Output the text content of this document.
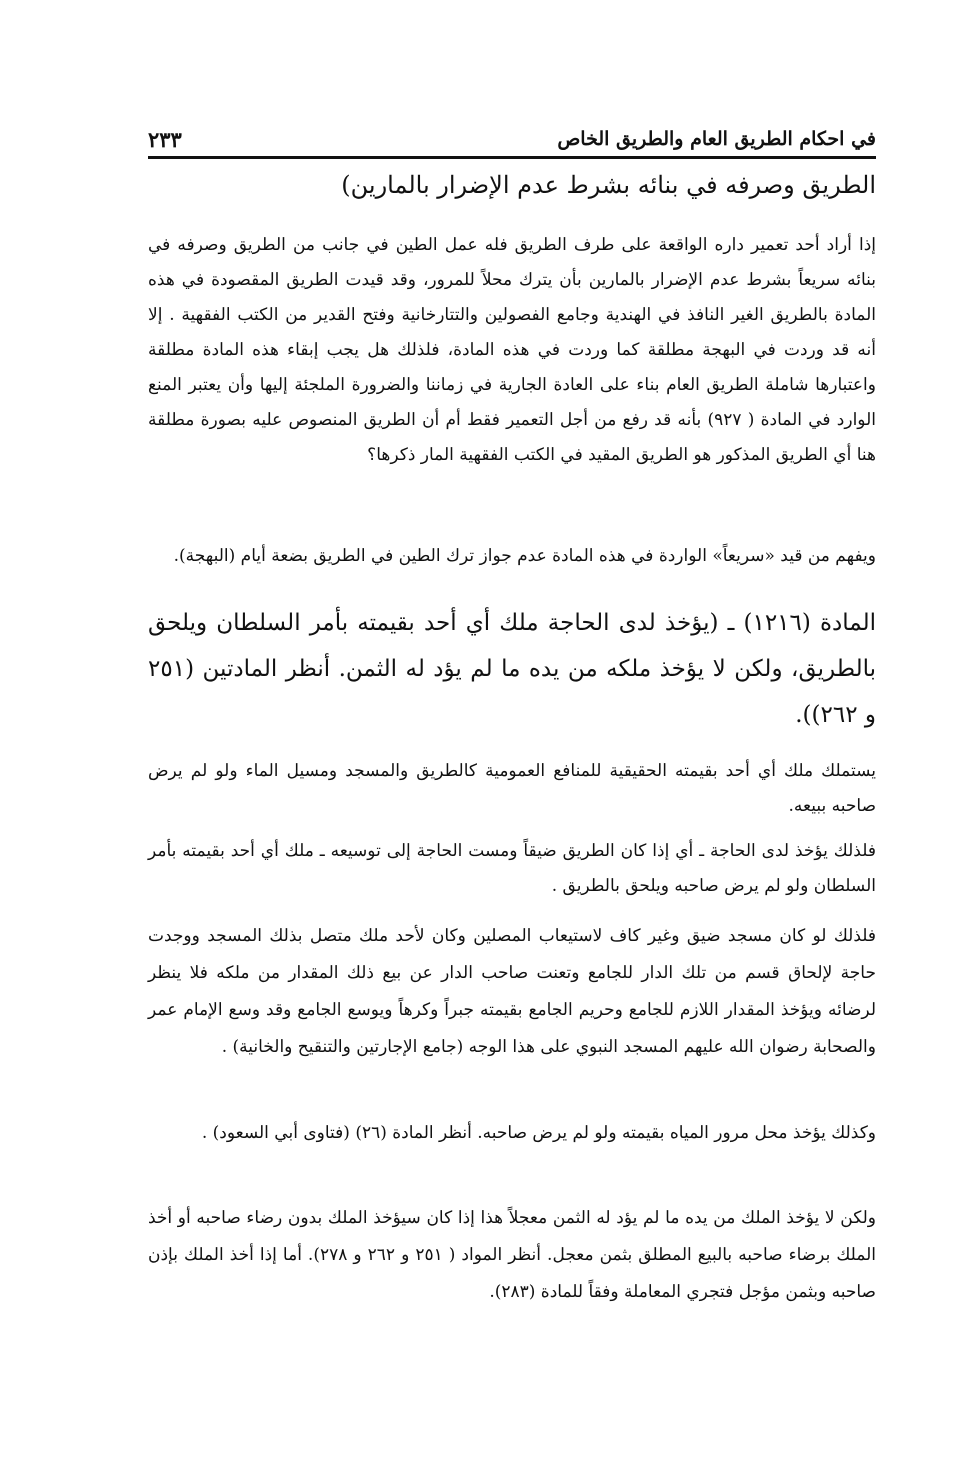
في احكام الطريق العام والطريق الخاص
٢٣٣
الطريق وصرفه في بنائه بشرط عدم الإضرار بالمارين)
إذا أراد أحد تعمير داره الواقعة على طرف الطريق فله عمل الطين في جانب من الطريق وصرفه في بنائه سريعاً بشرط عدم الإضرار بالمارين بأن يترك محلاً للمرور، وقد قيدت الطريق المقصودة في هذه المادة بالطريق الغير النافذ في الهندية وجامع الفصولين والتتارخانية وفتح القدير من الكتب الفقهية . إلا أنه قد وردت في البهجة مطلقة كما وردت في هذه المادة، فلذلك هل يجب إبقاء هذه المادة مطلقة واعتبارها شاملة الطريق العام بناء على العادة الجارية في زماننا والضرورة الملجئة إليها وأن يعتبر المنع الوارد في المادة ( ٩٢٧) بأنه قد رفع من أجل التعمير فقط أم أن الطريق المنصوص عليه بصورة مطلقة هنا أي الطريق المذكور هو الطريق المقيد في الكتب الفقهية المار ذكرها؟
ويفهم من قيد «سريعاً» الواردة في هذه المادة عدم جواز ترك الطين في الطريق بضعة أيام (البهجة).
المادة (١٢١٦) ـ (يؤخذ لدى الحاجة ملك أي أحد بقيمته بأمر السلطان ويلحق بالطريق، ولكن لا يؤخذ ملكه من يده ما لم يؤد له الثمن. أنظر المادتين (٢٥١ و ٢٦٢)).
يستملك ملك أي أحد بقيمته الحقيقية للمنافع العمومية كالطريق والمسجد ومسيل الماء ولو لم يرض صاحبه ببيعه.
فلذلك يؤخذ لدى الحاجة ـ أي إذا كان الطريق ضيقاً ومست الحاجة إلى توسيعه ـ ملك أي أحد بقيمته بأمر السلطان ولو لم يرض صاحبه ويلحق بالطريق .
فلذلك لو كان مسجد ضيق وغير كاف لاستيعاب المصلين وكان لأحد ملك متصل بذلك المسجد ووجدت حاجة لإلحاق قسم من تلك الدار للجامع وتعنت صاحب الدار عن بيع ذلك المقدار من ملكه فلا ينظر لرضائه ويؤخذ المقدار اللازم للجامع وحريم الجامع بقيمته جبراً وكرهاً ويوسع الجامع وقد وسع الإمام عمر والصحابة رضوان الله عليهم المسجد النبوي على هذا الوجه (جامع الإجارتين والتنقيح والخانية) .
وكذلك يؤخذ محل مرور المياه بقيمته ولو لم يرض صاحبه. أنظر المادة (٢٦) (فتاوى أبي السعود) .
ولكن لا يؤخذ الملك من يده ما لم يؤد له الثمن معجلاً هذا إذا كان سيؤخذ الملك بدون رضاء صاحبه أو أخذ الملك برضاء صاحبه بالبيع المطلق بثمن معجل. أنظر المواد ( ٢٥١ و ٢٦٢ و ٢٧٨). أما إذا أخذ الملك بإذن صاحبه وبثمن مؤجل فتجري المعاملة وفقاً للمادة (٢٨٣).
